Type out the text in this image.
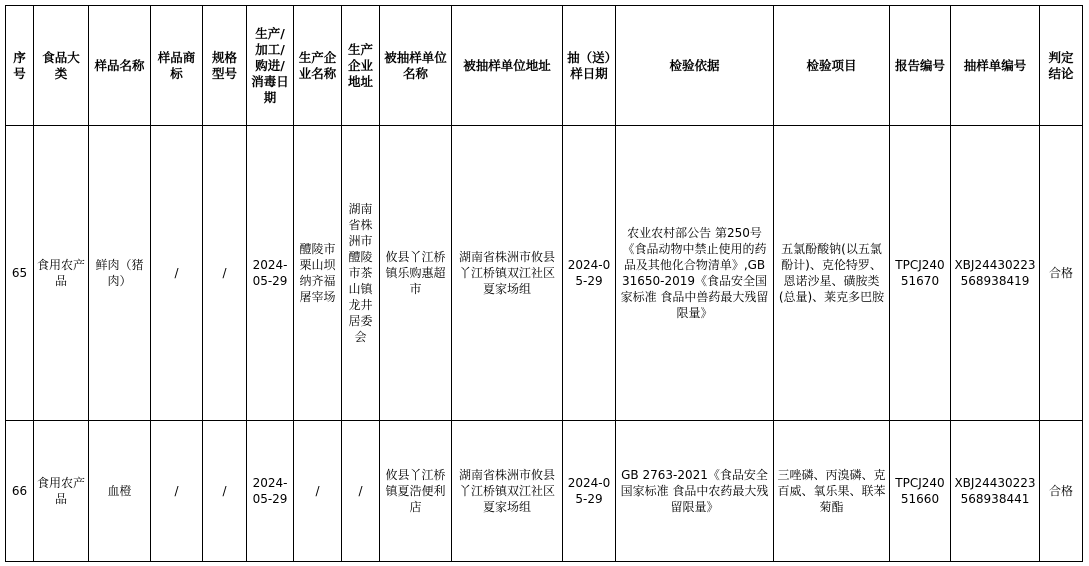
序号	食品大类	样品名称	样品商标	规格型号	生产/加工/购进/消毒日期	生产企业名称	生产企业地址	被抽样单位名称	被抽样单位地址	抽（送）样日期	检验依据	检验项目	报告编号	抽样单编号	判定结论
65	食用农产品	鲜肉（猪肉）	/	/	2024-05-29	醴陵市栗山坝纳齐福屠宰场	湖南省株洲市醴陵市茶山镇龙井居委会	攸县丫江桥镇乐购惠超市	湖南省株洲市攸县丫江桥镇双江社区夏家场组	2024-05-29	农业农村部公告 第250号《食品动物中禁止使用的药品及其他化合物清单》,GB 31650-2019《食品安全国家标准 食品中兽药最大残留限量》	五氯酚酸钠(以五氯酚计)、克伦特罗、恩诺沙星、磺胺类(总量)、莱克多巴胺	TPCJ24051670	XBJ24430223568938419	合格
66	食用农产品	血橙	/	/	2024-05-29	/	/	攸县丫江桥镇夏浩便利店	湖南省株洲市攸县丫江桥镇双江社区夏家场组	2024-05-29	GB 2763-2021《食品安全国家标准 食品中农药最大残留限量》	三唑磷、丙溴磷、克百威、氧乐果、联苯菊酯	TPCJ24051660	XBJ24430223568938441	合格
